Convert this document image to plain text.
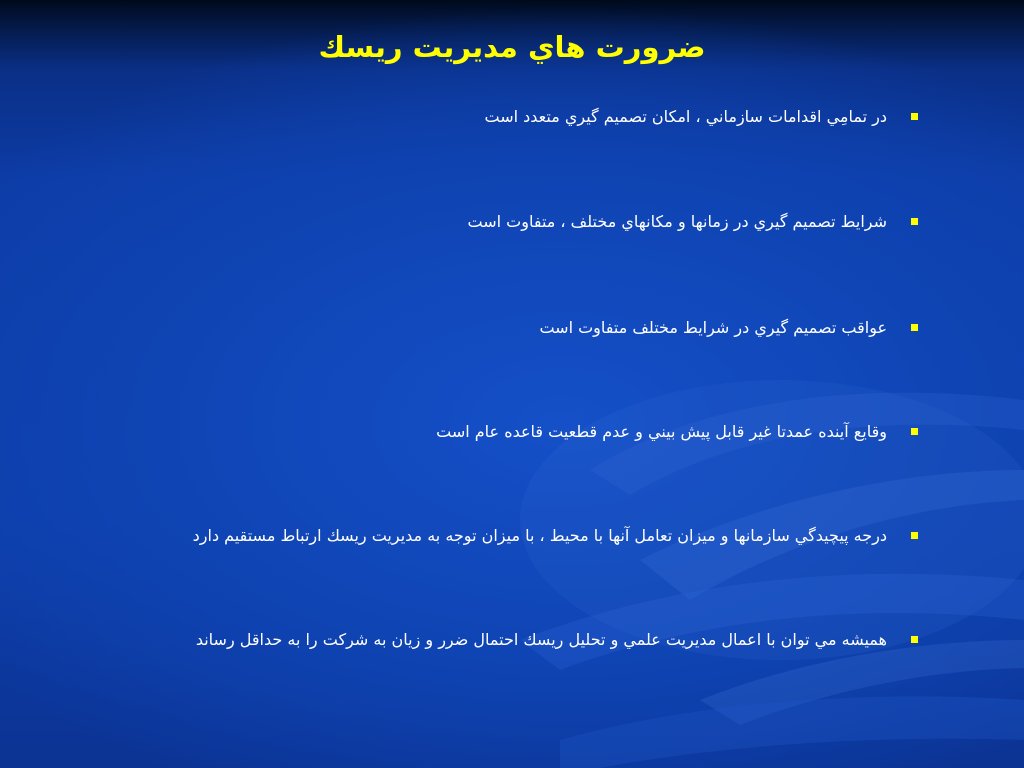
ضرورت هاي مديريت ريسك
در تمامِي اقدامات سازماني ، امكان تصميم گيري متعدد است
شرايط تصميم گيري در زمانها و مكانهاي مختلف ، متفاوت است
عواقب تصميم گيري در شرايط مختلف متفاوت است
وقايع آينده عمدتا غير قابل پيش بيني و عدم قطعيت قاعده عام است
درجه پيچيدگي سازمانها و ميزان تعامل آنها با محيط ، با ميزان توجه به مديريت ريسك ارتباط مستقيم دارد
هميشه مي توان با اعمال مديريت علمي و تحليل ريسك احتمال ضرر و زيان به شركت را به حداقل رساند
